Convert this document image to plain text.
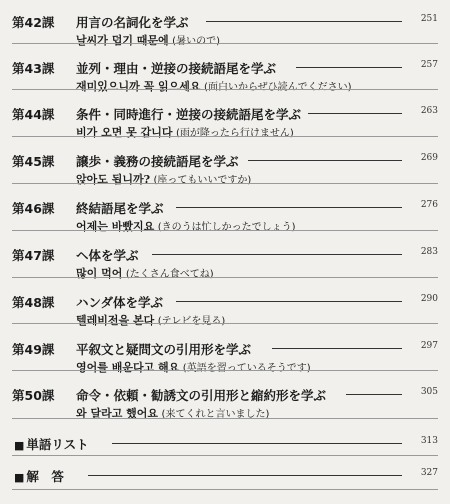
第42課 用言の名詞化を学ぶ	251
날씨가 덥기 때문에 (暑いので)
第43課 並列・理由・逆接の接続語尾を学ぶ	257
재미있으니까 꼭 읽으세요 (面白いからぜひ読んでください)
第44課 条件・同時進行・逆接の接続語尾を学ぶ	263
비가 오면 못 갑니다 (雨が降ったら行けません)
第45課 譲歩・義務の接続語尾を学ぶ	269
앉아도 됩니까? (座ってもいいですか)
第46課 終結語尾を学ぶ	276
어제는 바빴지요 (きのうは忙しかったでしょう)
第47課 ヘ体を学ぶ	283
많이 먹어 (たくさん食べてね)
第48課 ハンダ体を学ぶ	290
텔레비전을 본다 (テレビを見る)
第49課 平叙文と疑問文の引用形を学ぶ	297
영어를 배운다고 해요 (英語を習っているそうです)
第50課 命令・依頼・勧誘文の引用形と縮約形を学ぶ	305
와 달라고 했어요 (来てくれと言いました)
■ 単語リスト	313
■ 解　答	327
